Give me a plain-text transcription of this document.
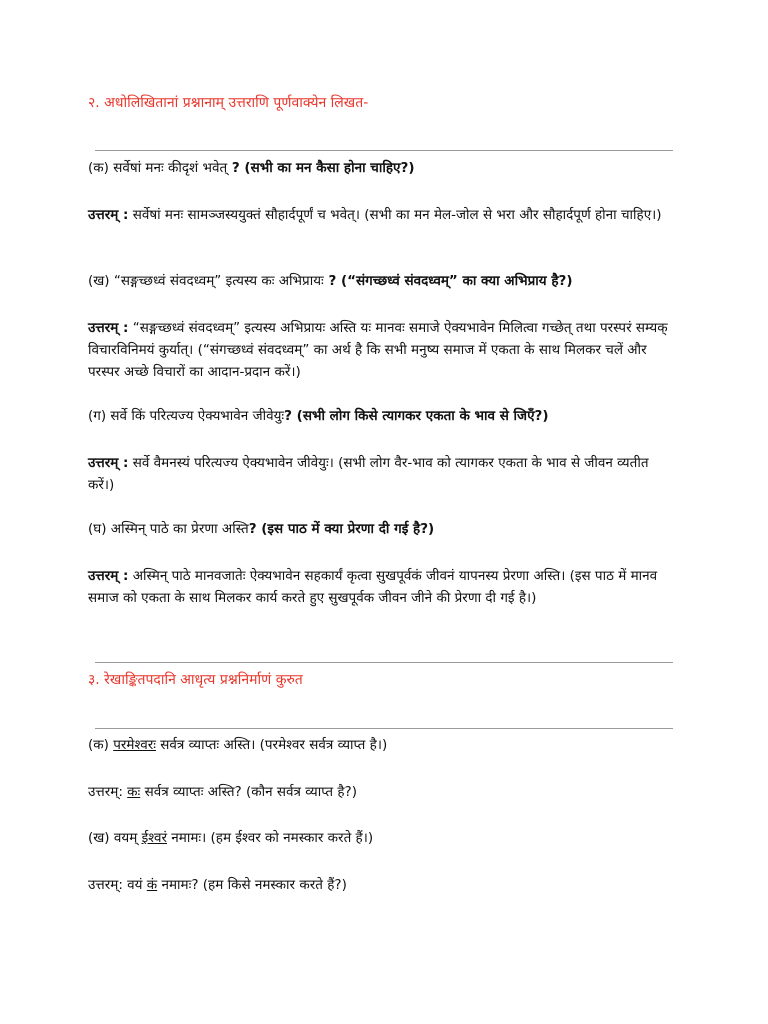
२. अधोलिखितानां प्रश्नानाम् उत्तराणि पूर्णवाक्येन लिखत-
(क) सर्वेषां मनः कीदृशं भवेत् ? (सभी का मन कैसा होना चाहिए?)
उत्तरम् : सर्वेषां मनः सामञ्जस्ययुक्तं सौहार्दपूर्णं च भवेत्। (सभी का मन मेल-जोल से भरा और सौहार्दपूर्ण होना चाहिए।)
(ख) “सङ्गच्छध्वं संवदध्वम्” इत्यस्य कः अभिप्रायः ? (“संगच्छध्वं संवदध्वम्” का क्या अभिप्राय है?)
उत्तरम् : “सङ्गच्छध्वं संवदध्वम्” इत्यस्य अभिप्रायः अस्ति यः मानवः समाजे ऐक्यभावेन मिलित्वा गच्छेत् तथा परस्परं सम्यक् विचारविनिमयं कुर्यात्। (“संगच्छध्वं संवदध्वम्” का अर्थ है कि सभी मनुष्य समाज में एकता के साथ मिलकर चलें और परस्पर अच्छे विचारों का आदान-प्रदान करें।)
(ग) सर्वे किं परित्यज्य ऐक्यभावेन जीवेयुः? (सभी लोग किसे त्यागकर एकता के भाव से जिएँ?)
उत्तरम् : सर्वे वैमनस्यं परित्यज्य ऐक्यभावेन जीवेयुः। (सभी लोग वैर-भाव को त्यागकर एकता के भाव से जीवन व्यतीत करें।)
(घ) अस्मिन् पाठे का प्रेरणा अस्ति? (इस पाठ में क्या प्रेरणा दी गई है?)
उत्तरम् : अस्मिन् पाठे मानवजातेः ऐक्यभावेन सहकार्यं कृत्वा सुखपूर्वकं जीवनं यापनस्य प्रेरणा अस्ति। (इस पाठ में मानव समाज को एकता के साथ मिलकर कार्य करते हुए सुखपूर्वक जीवन जीने की प्रेरणा दी गई है।)
३. रेखाङ्कितपदानि आधृत्य प्रश्ननिर्माणं कुरुत
(क) परमेश्वरः सर्वत्र व्याप्तः अस्ति। (परमेश्वर सर्वत्र व्याप्त है।)
उत्तरम्: कः सर्वत्र व्याप्तः अस्ति? (कौन सर्वत्र व्याप्त है?)
(ख) वयम् ईश्वरं नमामः। (हम ईश्वर को नमस्कार करते हैं।)
उत्तरम्: वयं कं नमामः? (हम किसे नमस्कार करते हैं?)
